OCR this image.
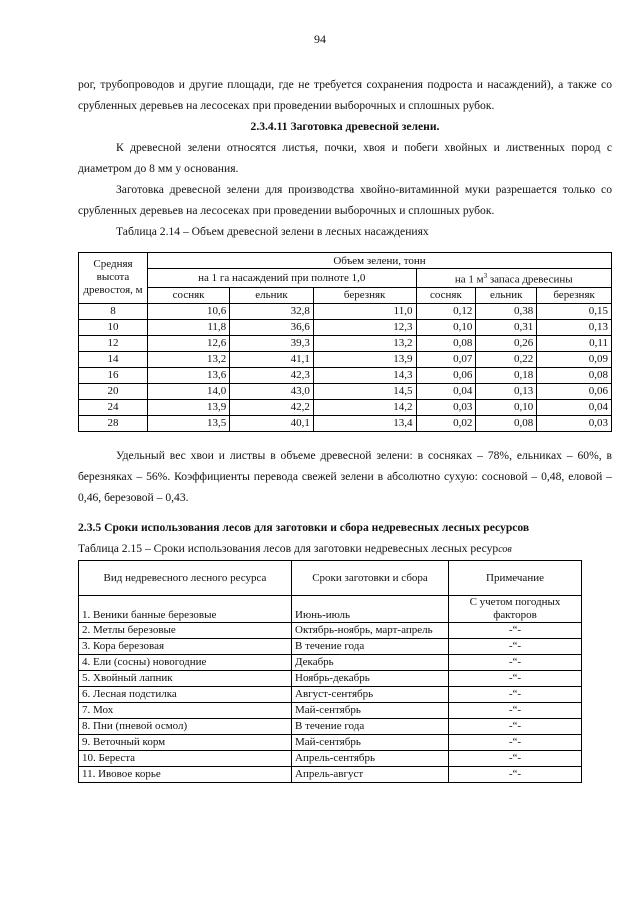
94

рог, трубопроводов и другие площади, где не требуется сохранения подроста и насаждений), а также со срубленных деревьев на лесосеках при проведении выборочных и сплошных рубок.

2.3.4.11 Заготовка древесной зелени.

К древесной зелени относятся листья, почки, хвоя и побеги хвойных и лиственных пород с диаметром до 8 мм у основания.

Заготовка древесной зелени для производства хвойно-витаминной муки разрешается только со срубленных деревьев на лесосеках при проведении выборочных и сплошных рубок.

Таблица 2.14 – Объем древесной зелени в лесных насаждениях

Средняя высота древостоя, м	Объем зелени, тонн					
	на 1 га насаждений при полноте 1,0			на 1 $м^3$ запаса древесины		
	сосняк	ельник	березняк	сосняк	ельник	березняк
8	10,6	32,8	11,0	0,12	0,38	0,15
10	11,8	36,6	12,3	0,10	0,31	0,13
12	12,6	39,3	13,2	0,08	0,26	0,11
14	13,2	41,1	13,9	0,07	0,22	0,09
16	13,6	42,3	14,3	0,06	0,18	0,08
20	14,0	43,0	14,5	0,04	0,13	0,06
24	13,9	42,2	14,2	0,03	0,10	0,04
28	13,5	40,1	13,4	0,02	0,08	0,03

Удельный вес хвои и листвы в объеме древесной зелени: в сосняках – 78%, ельниках – 60%, в березняках – 56%. Коэффициенты перевода свежей зелени в абсолютно сухую: сосновой – 0,48, еловой – 0,46, березовой – 0,43.

2.3.5 Сроки использования лесов для заготовки и сбора недревесных лесных ресурсов

Таблица 2.15 – Сроки использования лесов для заготовки недревесных лесных ресурсов

Вид недревесного лесного ресурса	Сроки заготовки и сбора	Примечание
1. Веники банные березовые	Июнь-июль	С учетом погодных факторов
2. Метлы березовые	Октябрь-ноябрь, март-апрель	-“-
3. Кора березовая	В течение года	-“-
4. Ели (сосны) новогодние	Декабрь	-“-
5. Хвойный лапник	Ноябрь-декабрь	-“-
6. Лесная подстилка	Август-сентябрь	-“-
7. Мох	Май-сентябрь	-“-
8. Пни (пневой осмол)	В течение года	-“-
9. Веточный корм	Май-сентябрь	-“-
10. Береста	Апрель-сентябрь	-“-
11. Ивовое корье	Апрель-август	-“-
